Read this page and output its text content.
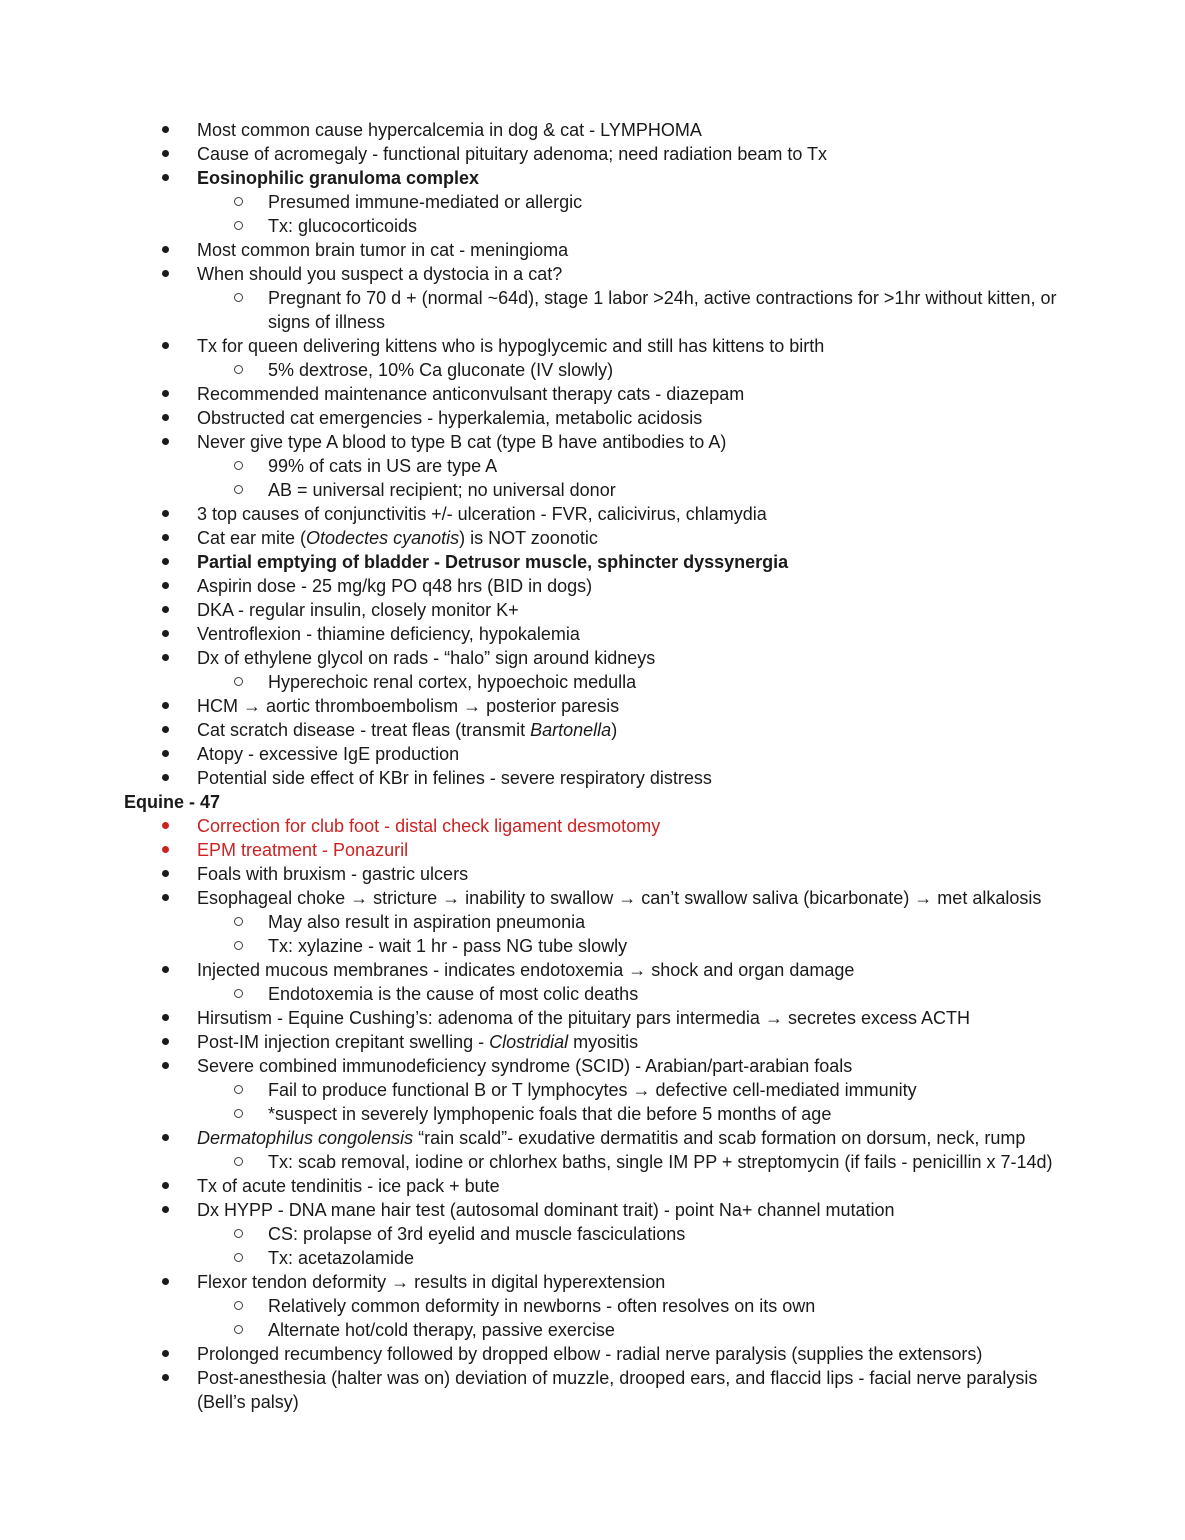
Most common cause hypercalcemia in dog & cat - LYMPHOMA
Cause of acromegaly - functional pituitary adenoma; need radiation beam to Tx
Eosinophilic granuloma complex
Presumed immune-mediated or allergic
Tx: glucocorticoids
Most common brain tumor in cat - meningioma
When should you suspect a dystocia in a cat?
Pregnant fo 70 d + (normal ~64d), stage 1 labor >24h, active contractions for >1hr without kitten, or signs of illness
Tx for queen delivering kittens who is hypoglycemic and still has kittens to birth
5% dextrose, 10% Ca gluconate (IV slowly)
Recommended maintenance anticonvulsant therapy cats - diazepam
Obstructed cat emergencies - hyperkalemia, metabolic acidosis
Never give type A blood to type B cat (type B have antibodies to A)
99% of cats in US are type A
AB = universal recipient; no universal donor
3 top causes of conjunctivitis +/- ulceration - FVR, calicivirus, chlamydia
Cat ear mite (Otodectes cyanotis) is NOT zoonotic
Partial emptying of bladder - Detrusor muscle, sphincter dyssynergia
Aspirin dose - 25 mg/kg PO q48 hrs (BID in dogs)
DKA - regular insulin, closely monitor K+
Ventroflexion - thiamine deficiency, hypokalemia
Dx of ethylene glycol on rads - “halo” sign around kidneys
Hyperechoic renal cortex, hypoechoic medulla
HCM → aortic thromboembolism → posterior paresis
Cat scratch disease - treat fleas (transmit Bartonella)
Atopy - excessive IgE production
Potential side effect of KBr in felines - severe respiratory distress
Equine - 47
Correction for club foot - distal check ligament desmotomy
EPM treatment - Ponazuril
Foals with bruxism - gastric ulcers
Esophageal choke → stricture → inability to swallow → can’t swallow saliva (bicarbonate) → met alkalosis
May also result in aspiration pneumonia
Tx: xylazine - wait 1 hr - pass NG tube slowly
Injected mucous membranes - indicates endotoxemia → shock and organ damage
Endotoxemia is the cause of most colic deaths
Hirsutism - Equine Cushing’s: adenoma of the pituitary pars intermedia → secretes excess ACTH
Post-IM injection crepitant swelling - Clostridial myositis
Severe combined immunodeficiency syndrome (SCID) - Arabian/part-arabian foals
Fail to produce functional B or T lymphocytes → defective cell-mediated immunity
*suspect in severely lymphopenic foals that die before 5 months of age
Dermatophilus congolensis “rain scald”- exudative dermatitis and scab formation on dorsum, neck, rump
Tx: scab removal, iodine or chlorhex baths, single IM PP + streptomycin (if fails - penicillin x 7-14d)
Tx of acute tendinitis - ice pack + bute
Dx HYPP - DNA mane hair test (autosomal dominant trait) - point Na+ channel mutation
CS: prolapse of 3rd eyelid and muscle fasciculations
Tx: acetazolamide
Flexor tendon deformity → results in digital hyperextension
Relatively common deformity in newborns - often resolves on its own
Alternate hot/cold therapy, passive exercise
Prolonged recumbency followed by dropped elbow - radial nerve paralysis (supplies the extensors)
Post-anesthesia (halter was on) deviation of muzzle, drooped ears, and flaccid lips - facial nerve paralysis (Bell’s palsy)
